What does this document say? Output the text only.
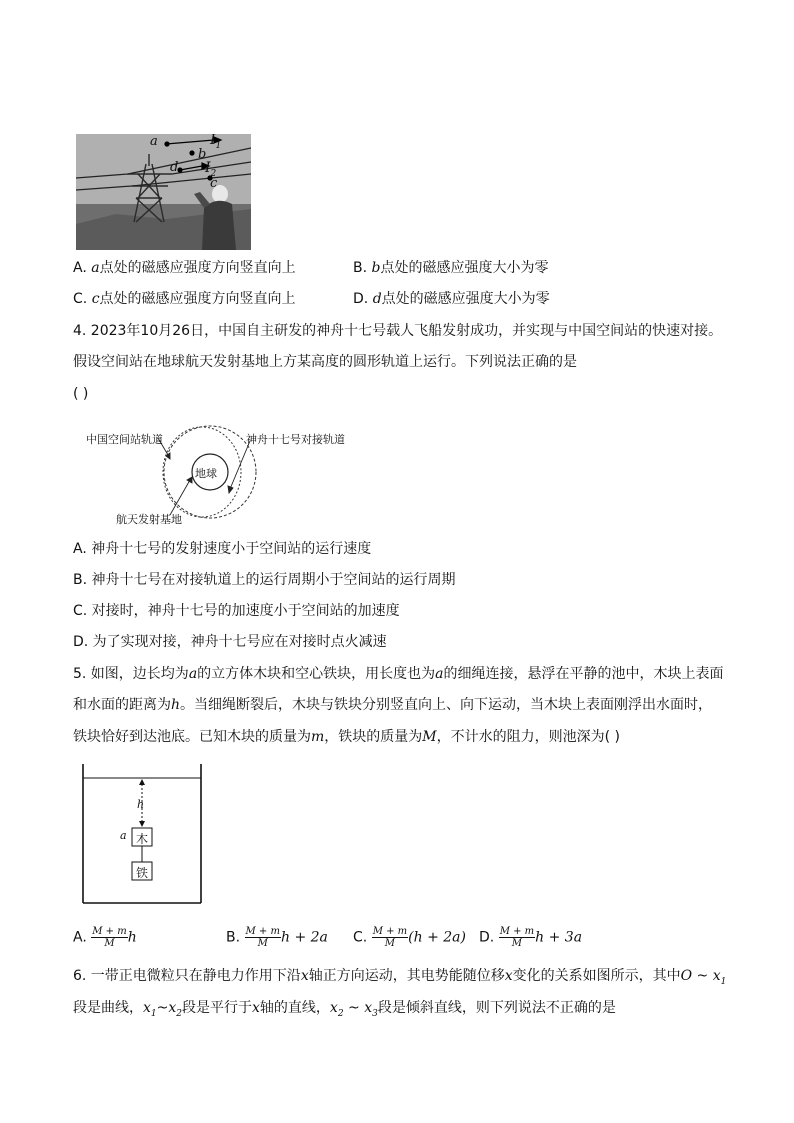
a	$I_1$
b
d $I_2$
c
A. a点处的磁感应强度方向竖直向上	B. b点处的磁感应强度大小为零
C. c点处的磁感应强度方向竖直向上	D. d点处的磁感应强度大小为零
4. 2023年10月26日，中国自主研发的神舟十七号载人飞船发射成功，并实现与中国空间站的快速对接。
假设空间站在地球航天发射基地上方某高度的圆形轨道上运行。下列说法正确的是
( )
中国空间站轨道	神舟十七号对接轨道
地球
航天发射基地
A. 神舟十七号的发射速度小于空间站的运行速度
B. 神舟十七号在对接轨道上的运行周期小于空间站的运行周期
C. 对接时，神舟十七号的加速度小于空间站的加速度
D. 为了实现对接，神舟十七号应在对接时点火减速
5. 如图，边长均为a的立方体木块和空心铁块，用长度也为a的细绳连接，悬浮在平静的池中，木块上表面
和水面的距离为h。当细绳断裂后，木块与铁块分别竖直向上、向下运动，当木块上表面刚浮出水面时，
铁块恰好到达池底。已知木块的质量为m，铁块的质量为M，不计水的阻力，则池深为( )
h
a 木
铁
A. $\frac{M + m}{M}$ h	B. $\frac{M + m}{M}$ h + 2a C. $\frac{M + m}{M} (h + 2a)$ D. $\frac{M + m}{M}$ h + 3a
6. 一带正电微粒只在静电力作用下沿x轴正方向运动，其电势能随位移x变化的关系如图所示，其中O ~ $x_1$
段是曲线，$x_1\sim x_2$段是平行于x轴的直线，$x_2$ ~ $x_3$段是倾斜直线，则下列说法不正确的是
